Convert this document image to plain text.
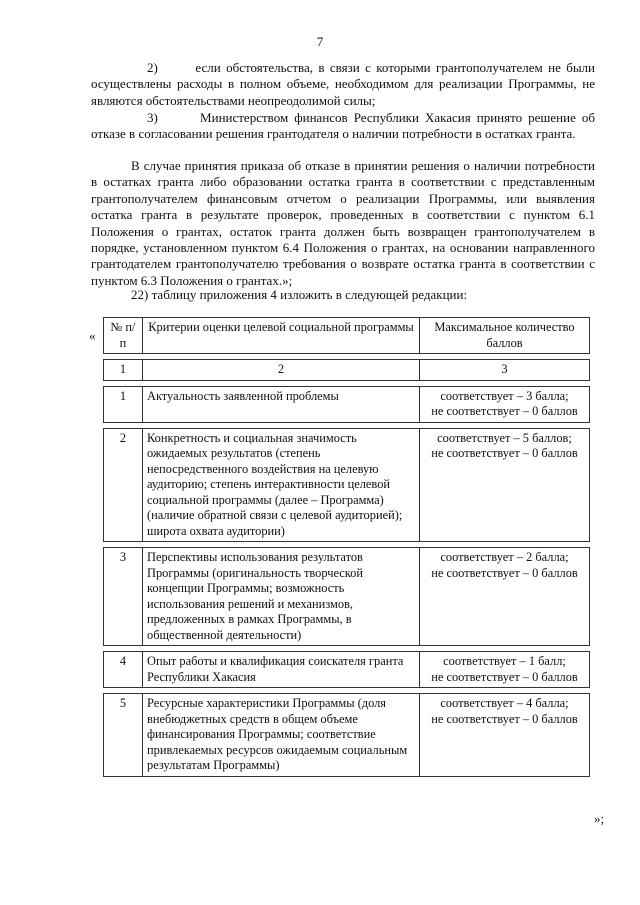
7

2)	если обстоятельства, в связи с которыми грантополучателем не были осуществлены расходы в полном объеме, необходимом для реализации Программы, не являются обстоятельствами неопреодолимой силы;

3)	Министерством финансов Республики Хакасия принято решение об отказе в согласовании решения грантодателя о наличии потребности в остатках гранта.

В случае принятия приказа об отказе в принятии решения о наличии потребности в остатках гранта либо образовании остатка гранта в соответствии с представленным грантополучателем финансовым отчетом о реализации Программы, или выявления остатка гранта в результате проверок, проведенных в соответствии с пунктом 6.1 Положения о грантах, остаток гранта должен быть возвращен грантополучателем в порядке, установленном пунктом 6.4 Положения о грантах, на основании направленного грантодателем грантополучателю требования о возврате остатка гранта в соответствии с пунктом 6.3 Положения о грантах.»;

22) таблицу приложения 4 изложить в следующей редакции:

«
№ п/п	Критерии оценки целевой социальной программы	Максимальное количество баллов

1	2	3

1	Актуальность заявленной проблемы	соответствует – 3 балла;
не соответствует – 0 баллов

2	Конкретность и социальная значимость ожидаемых результатов (степень непосредственного воздействия на целевую аудиторию; степень интерактивности целевой социальной программы (далее – Программа) (наличие обратной связи с целевой аудиторией); широта охвата аудитории)	соответствует – 5 баллов;
не соответствует – 0 баллов

3	Перспективы использования результатов Программы (оригинальность творческой концепции Программы; возможность использования решений и механизмов, предложенных в рамках Программы, в общественной деятельности)	соответствует – 2 балла;
не соответствует – 0 баллов

4	Опыт работы и квалификация соискателя гранта Республики Хакасия	соответствует – 1 балл;
не соответствует – 0 баллов

5	Ресурсные характеристики Программы (доля внебюджетных средств в общем объеме финансирования Программы; соответствие привлекаемых ресурсов ожидаемым социальным результатам Программы)	соответствует – 4 балла;
не соответствует – 0 баллов
»;
